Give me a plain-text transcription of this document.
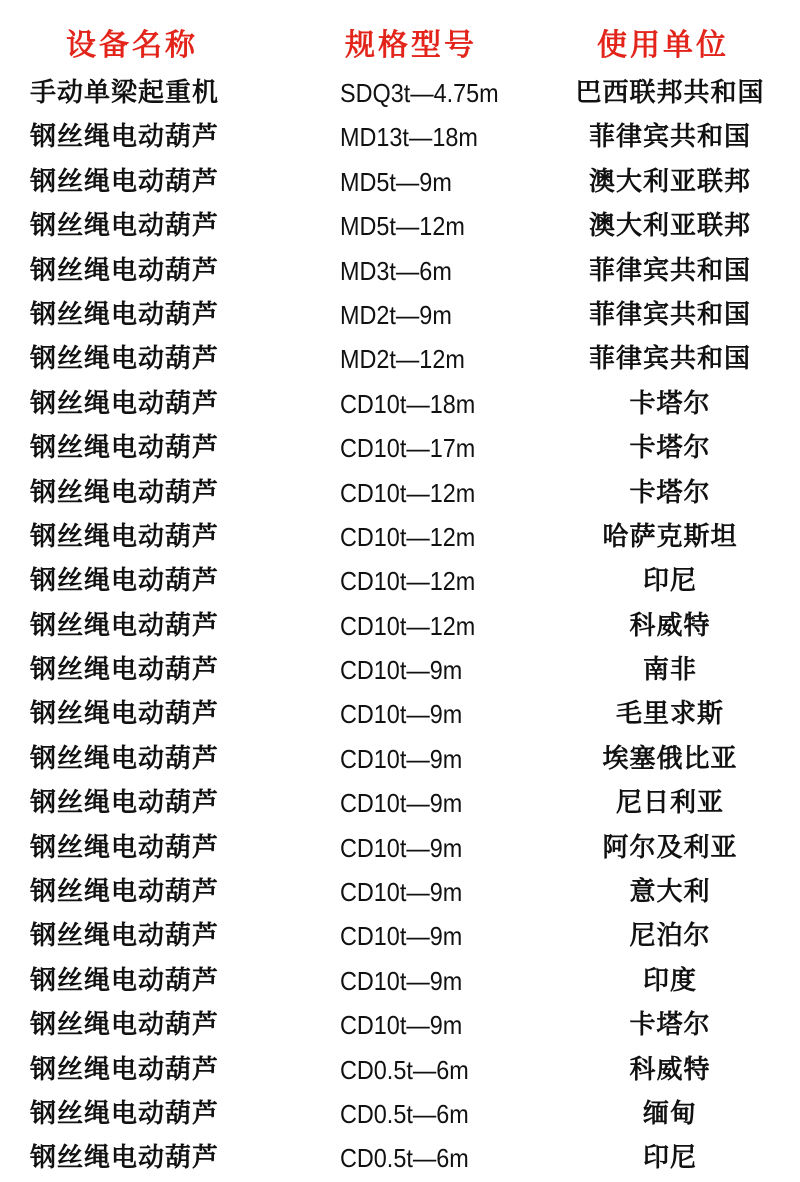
设备名称	规格型号	使用单位
手动单梁起重机	SDQ3t—4.75m	巴西联邦共和国
钢丝绳电动葫芦	MD13t—18m	菲律宾共和国
钢丝绳电动葫芦	MD5t—9m	澳大利亚联邦
钢丝绳电动葫芦	MD5t—12m	澳大利亚联邦
钢丝绳电动葫芦	MD3t—6m	菲律宾共和国
钢丝绳电动葫芦	MD2t—9m	菲律宾共和国
钢丝绳电动葫芦	MD2t—12m	菲律宾共和国
钢丝绳电动葫芦	CD10t—18m	卡塔尔
钢丝绳电动葫芦	CD10t—17m	卡塔尔
钢丝绳电动葫芦	CD10t—12m	卡塔尔
钢丝绳电动葫芦	CD10t—12m	哈萨克斯坦
钢丝绳电动葫芦	CD10t—12m	印尼
钢丝绳电动葫芦	CD10t—12m	科威特
钢丝绳电动葫芦	CD10t—9m	南非
钢丝绳电动葫芦	CD10t—9m	毛里求斯
钢丝绳电动葫芦	CD10t—9m	埃塞俄比亚
钢丝绳电动葫芦	CD10t—9m	尼日利亚
钢丝绳电动葫芦	CD10t—9m	阿尔及利亚
钢丝绳电动葫芦	CD10t—9m	意大利
钢丝绳电动葫芦	CD10t—9m	尼泊尔
钢丝绳电动葫芦	CD10t—9m	印度
钢丝绳电动葫芦	CD10t—9m	卡塔尔
钢丝绳电动葫芦	CD0.5t—6m	科威特
钢丝绳电动葫芦	CD0.5t—6m	缅甸
钢丝绳电动葫芦	CD0.5t—6m	印尼
